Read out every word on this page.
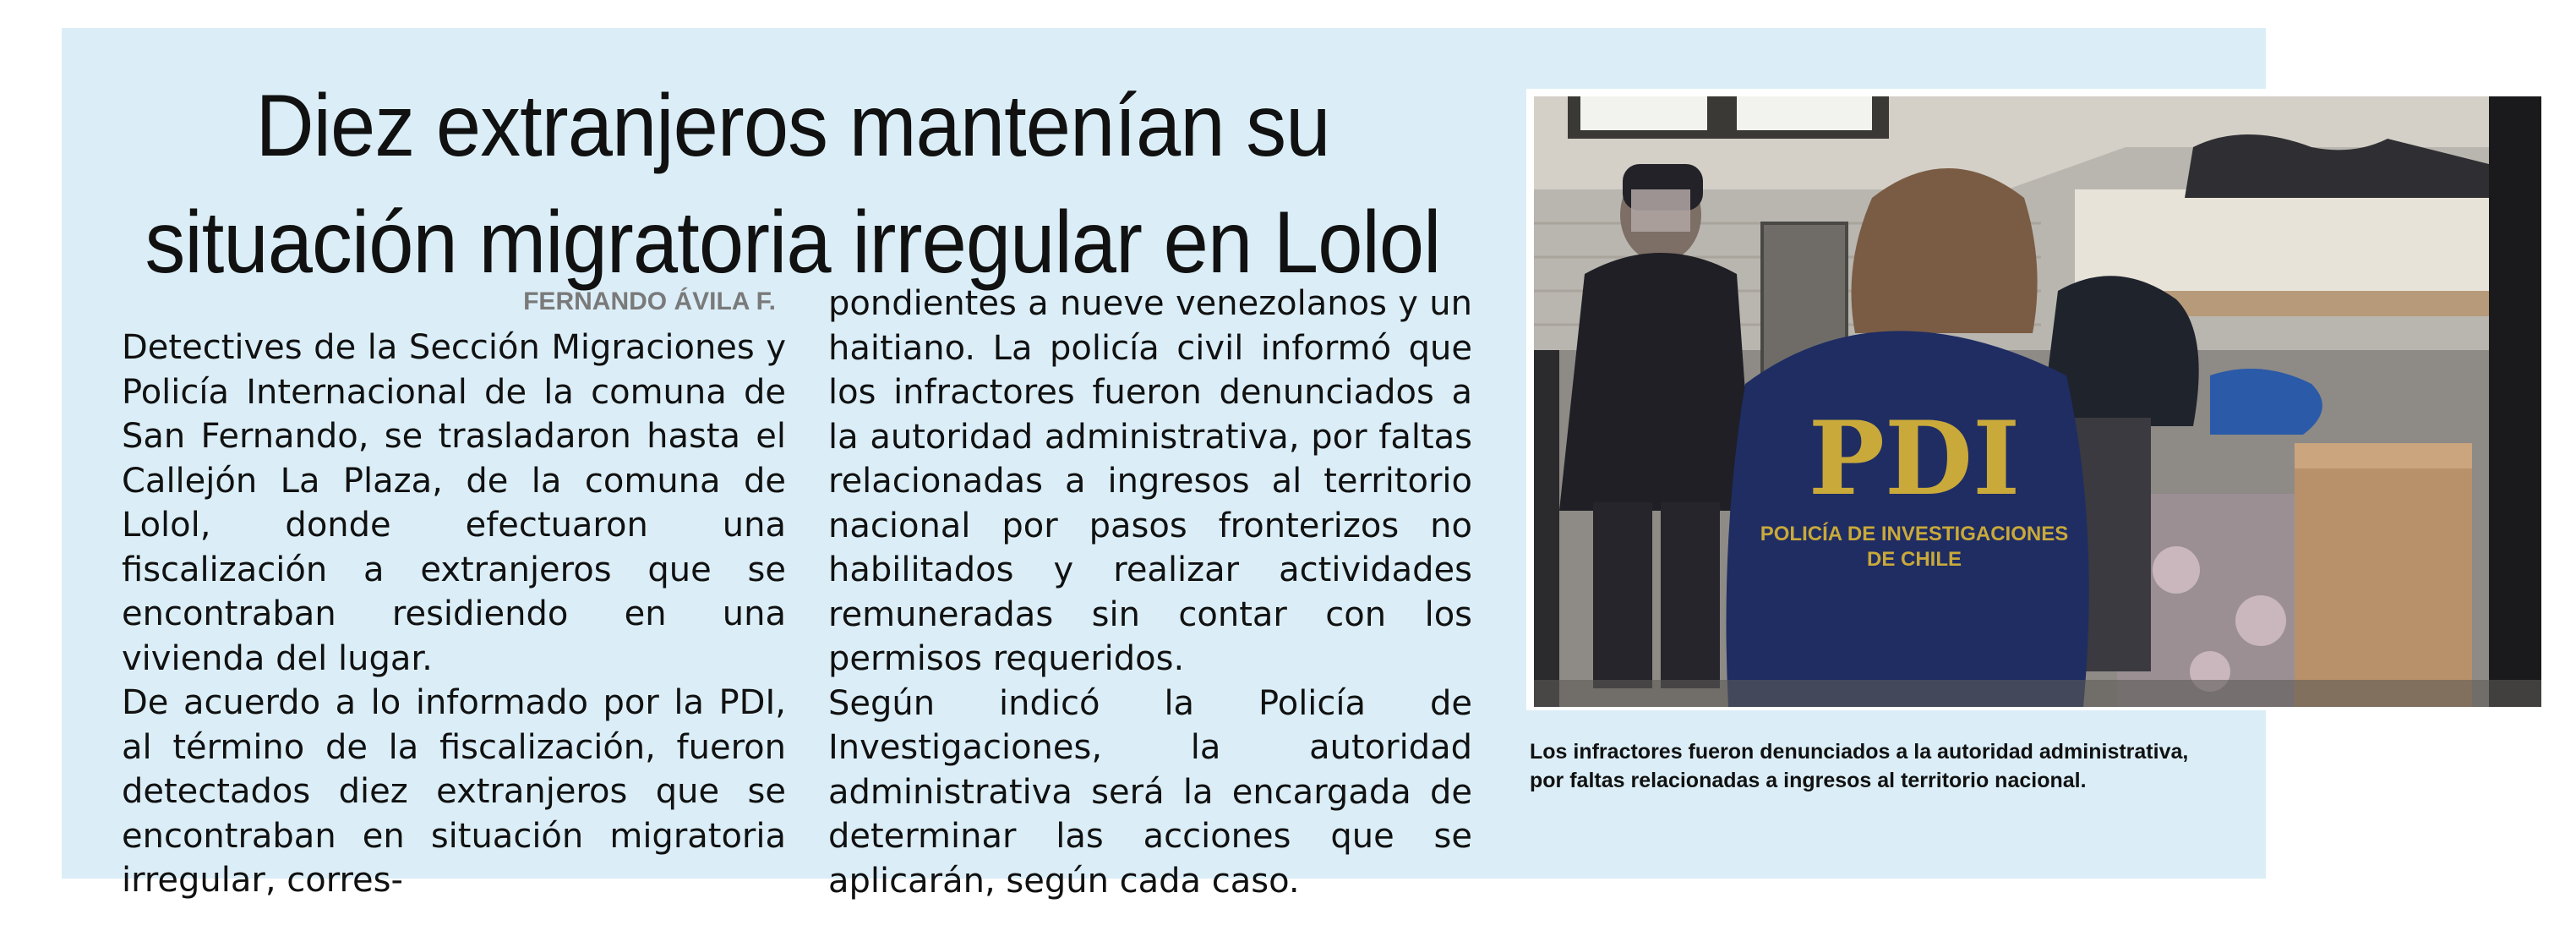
Diez extranjeros mantenían su
situación migratoria irregular en Lolol
FERNANDO ÁVILA F.

Detectives de la Sección Migraciones y Policía Internacional de la comuna de San Fernando, se trasladaron hasta el Callejón La Plaza, de la comuna de Lolol, donde efectuaron una fiscalización a extranjeros que se encontraban residiendo en una vivienda del lugar.

De acuerdo a lo informado por la PDI, al término de la fiscalización, fueron detectados diez extranjeros que se encontraban en situación migratoria irregular, corres-

pondientes a nueve venezolanos y un haitiano. La policía civil informó que los infractores fueron denunciados a la autoridad administrativa, por faltas relacionadas a ingresos al territorio nacional por pasos fronterizos no habilitados y realizar actividades remuneradas sin contar con los permisos requeridos.

Según indicó la Policía de Investigaciones, la autoridad administrativa será la encargada de determinar las acciones que se aplicarán, según cada caso.

PDI
POLICÍA DE INVESTIGACIONES
DE CHILE
Los infractores fueron denunciados a la autoridad administrativa,
por faltas relacionadas a ingresos al territorio nacional.
